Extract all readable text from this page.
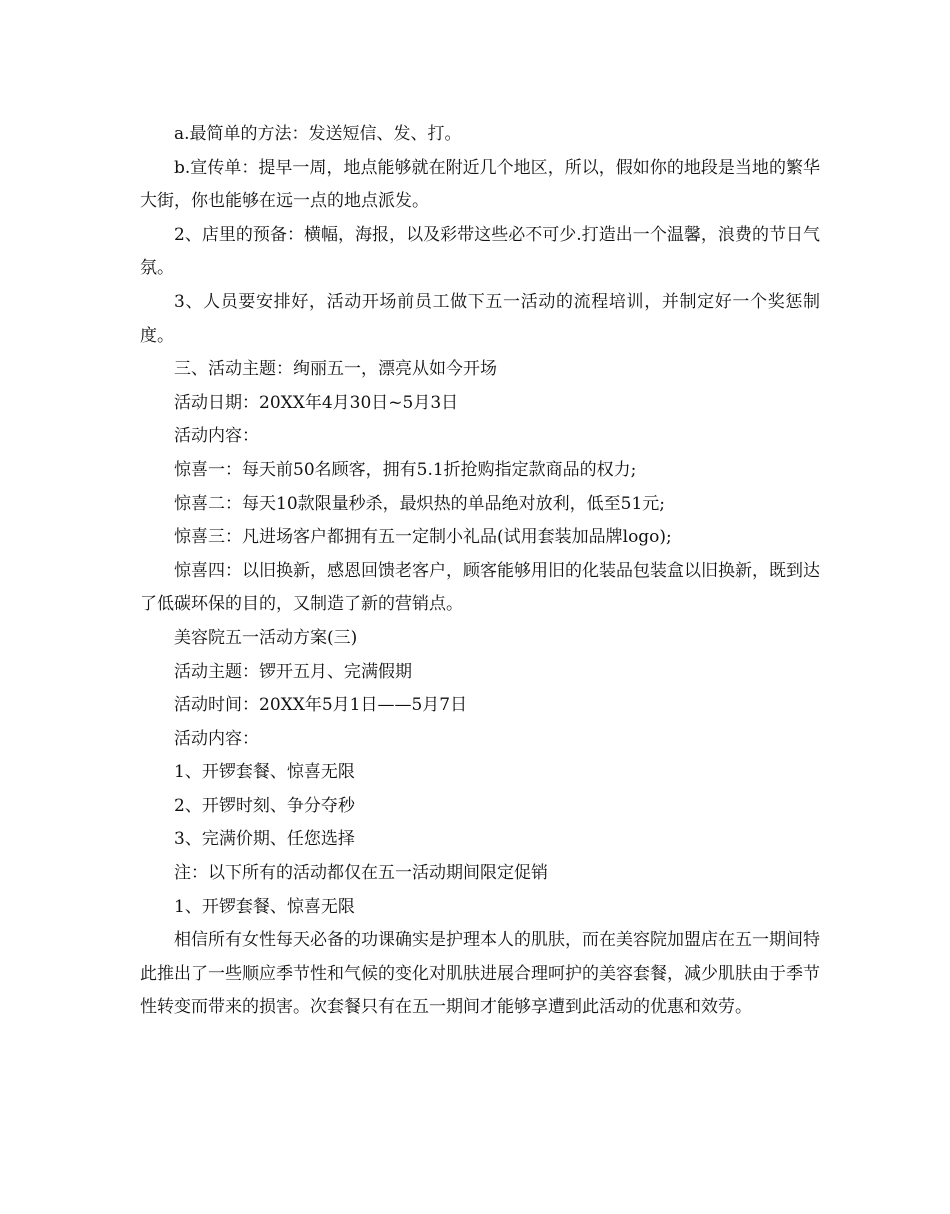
a.最简单的方法：发送短信、发、打。

b.宣传单：提早一周，地点能够就在附近几个地区，所以，假如你的地段是当地的繁华大街，你也能够在远一点的地点派发。

2、店里的预备：横幅，海报，以及彩带这些必不可少.打造出一个温馨，浪费的节日气氛。

3、人员要安排好，活动开场前员工做下五一活动的流程培训，并制定好一个奖惩制度。

三、活动主题：绚丽五一，漂亮从如今开场

活动日期：20XX年4月30日~5月3日

活动内容：

惊喜一：每天前50名顾客，拥有5.1折抢购指定款商品的权力;

惊喜二：每天10款限量秒杀，最炽热的单品绝对放利，低至51元;

惊喜三：凡进场客户都拥有五一定制小礼品(试用套装加品牌logo);

惊喜四：以旧换新，感恩回馈老客户，顾客能够用旧的化装品包装盒以旧换新，既到达了低碳环保的目的，又制造了新的营销点。

美容院五一活动方案(三)

活动主题：锣开五月、完满假期

活动时间：20XX年5月1日——5月7日

活动内容：

1、开锣套餐、惊喜无限

2、开锣时刻、争分夺秒

3、完满价期、任您选择

注：以下所有的活动都仅在五一活动期间限定促销

1、开锣套餐、惊喜无限

相信所有女性每天必备的功课确实是护理本人的肌肤，而在美容院加盟店在五一期间特此推出了一些顺应季节性和气候的变化对肌肤进展合理呵护的美容套餐，减少肌肤由于季节性转变而带来的损害。次套餐只有在五一期间才能够享遭到此活动的优惠和效劳。
